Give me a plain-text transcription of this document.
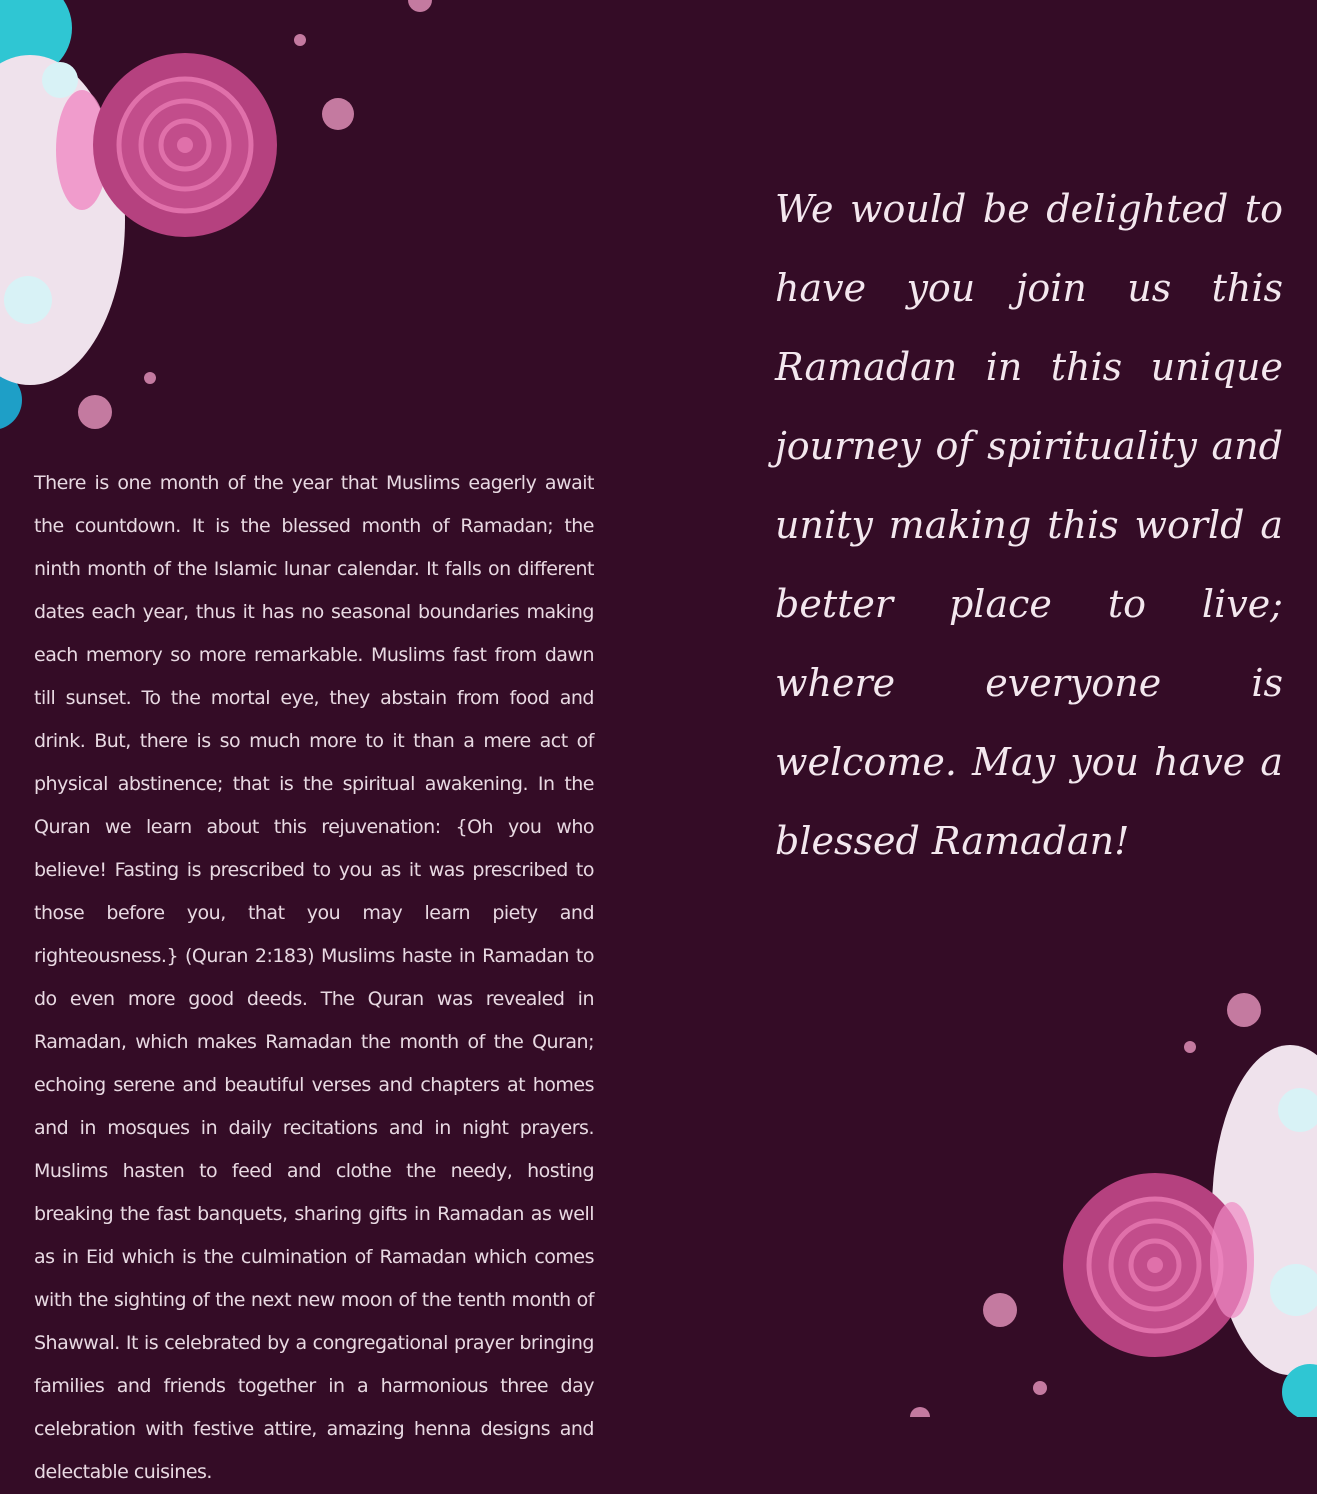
There is one month of the year that Muslims eagerly await the countdown. It is the blessed month of Ramadan; the ninth month of the Islamic lunar calendar. It falls on different dates each year, thus it has no seasonal boundaries making each memory so more remarkable. Muslims fast from dawn till sunset. To the mortal eye, they abstain from food and drink. But, there is so much more to it than a mere act of physical abstinence; that is the spiritual awakening. In the Quran we learn about this rejuvenation: {Oh you who believe! Fasting is prescribed to you as it was prescribed to those before you, that you may learn piety and righteousness.} (Quran 2:183) Muslims haste in Ramadan to do even more good deeds. The Quran was revealed in Ramadan, which makes Ramadan the month of the Quran; echoing serene and beautiful verses and chapters at homes and in mosques in daily recitations and in night prayers. Muslims hasten to feed and clothe the needy, hosting breaking the fast banquets, sharing gifts in Ramadan as well as in Eid which is the culmination of Ramadan which comes with the sighting of the next new moon of the tenth month of Shawwal. It is celebrated by a congregational prayer bringing families and friends together in a harmonious three day celebration with festive attire, amazing henna designs and delectable cuisines.

We would be delighted to have you join us this Ramadan in this unique journey of spirituality and unity making this world a better place to live; where everyone is welcome. May you have a blessed Ramadan!
